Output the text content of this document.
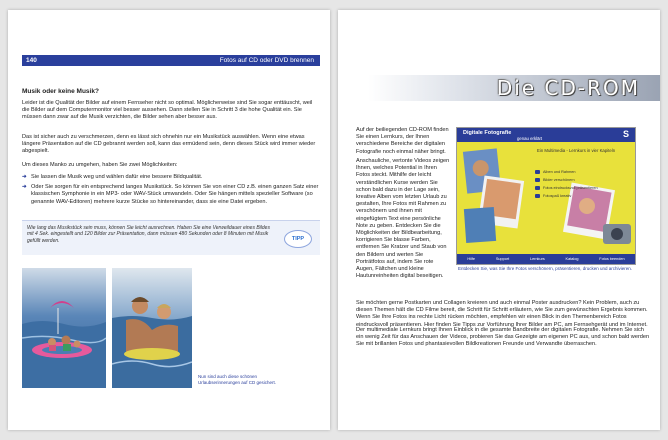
140	Fotos auf CD oder DVD brennen
Musik oder keine Musik?

Leider ist die Qualität der Bilder auf einem Fernseher nicht so optimal. Möglicherweise sind Sie sogar enttäuscht, weil die Bilder auf dem Computermonitor viel besser aussehen. Dann stellen Sie in Schritt 3 die hohe Qualität ein. Sie müssen dann zwar auf die Musik verzichten, die Bilder sehen aber besser aus.

Das ist sicher auch zu verschmerzen, denn es lässt sich ohnehin nur ein Musikstück auswählen. Wenn eine etwas längere Präsentation auf die CD gebrannt werden soll, kann das ermüdend sein, denn dieses Stück wird immer wieder abgespielt.

Um dieses Manko zu umgehen, haben Sie zwei Möglichkeiten:

➜ Sie lassen die Musik weg und wählen dafür eine bessere Bildqualität.
➜ Oder Sie sorgen für ein entsprechend langes Musikstück. So können Sie von einer CD z.B. einen ganzen Satz einer klassischen Symphonie in ein MP3- oder WAV-Stück umwandeln. Oder Sie hängen mittels spezieller Software (so genannte WAV-Editoren) mehrere kurze Stücke so hintereinander, dass sie eine Datei ergeben.

Wie lang das Musikstück sein muss, können Sie leicht ausrechnen. Haben Sie eine Verweildauer eines Bildes mit 4 Sek. eingestellt und 120 Bilder zur Präsentation, dann müssen 480 Sekunden oder 8 Minuten mit Musik gefüllt werden.	TIPP

Nun sind auch diese schönen Urlaubserinnerungen auf CD gesichert.

Die CD-ROM

Auf der beiliegenden CD-ROM finden Sie einen Lernkurs, der Ihnen verschiedene Bereiche der digitalen Fotografie noch einmal näher bringt.

Anschauliche, vertonte Videos zeigen Ihnen, welches Potential in Ihren Fotos steckt. Mithilfe der leicht verständlichen Kurse werden Sie schon bald dazu in der Lage sein, kreative Alben vom letzten Urlaub zu gestalten, Ihre Fotos mit Rahmen zu verschönern und ihnen mit eingefügtem Text eine persönliche Note zu geben. Entdecken Sie die Möglichkeiten der Bildbearbeitung, korrigieren Sie blasse Farben, entfernen Sie Kratzer und Staub von den Bildern und werten Sie Porträtfotos auf, indem Sie rote Augen, Fältchen und kleine Hautunreinheiten digital beseitigen.

Digitale Fotografie
genau erklärt	S
Ein Multimedia - Lernkurs in vier Kapiteln
Alben und Rahmen
Bilder verschönern
Fotos eindrucksvoll präsentieren
Fotospaß kreativ
Hilfe	Support	Lernkurs	Katalog	Fotos beenden

Entdecken Sie, was Sie Ihre Fotos verschönern, präsentieren, drucken und archivieren.

Sie möchten gerne Postkarten und Collagen kreieren und auch einmal Poster ausdrucken? Kein Problem, auch zu diesen Themen hält die CD Filme bereit, die Schritt für Schritt erläutern, wie Sie zum gewünschten Ergebnis kommen. Wenn Sie Ihre Fotos ins rechte Licht rücken möchten, empfehlen wir einen Blick in den Themenbereich Fotos eindrucksvoll präsentieren. Hier finden Sie Tipps zur Vorführung Ihrer Bilder am PC, am Fernsehgerät und im Internet.

Der multimediale Lernkurs bringt Ihnen Einblick in die gesamte Bandbreite der digitalen Fotografie. Nehmen Sie sich ein wenig Zeit für das Anschauen der Videos, probieren Sie das Gezeigte am eigenen PC aus, und schon bald werden Sie mit brillanten Fotos und phantasievollen Bildkreationen Freunde und Verwandte überraschen.
